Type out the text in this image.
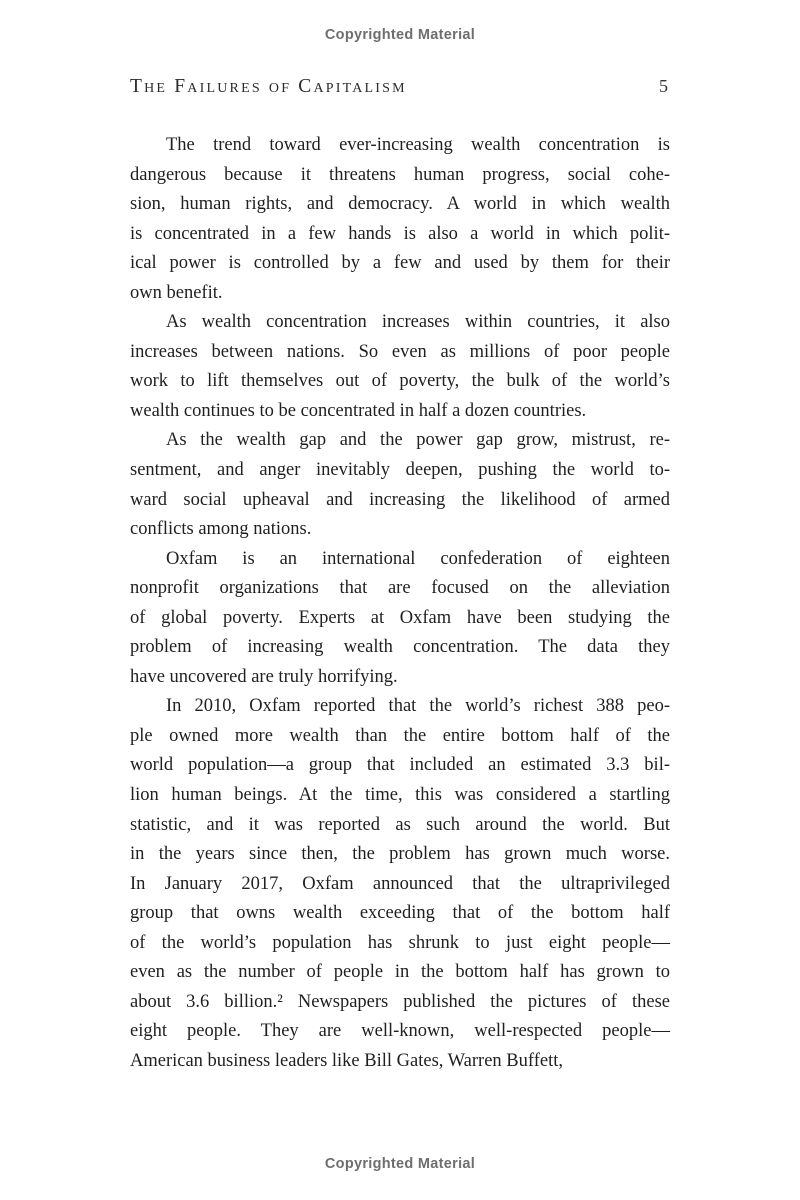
Copyrighted Material
The Failures of Capitalism	5

The trend toward ever-increasing wealth concentration is
dangerous because it threatens human progress, social cohe-
sion, human rights, and democracy. A world in which wealth
is concentrated in a few hands is also a world in which polit-
ical power is controlled by a few and used by them for their
own benefit.

As wealth concentration increases within countries, it also
increases between nations. So even as millions of poor people
work to lift themselves out of poverty, the bulk of the world’s
wealth continues to be concentrated in half a dozen countries.

As the wealth gap and the power gap grow, mistrust, re-
sentment, and anger inevitably deepen, pushing the world to-
ward social upheaval and increasing the likelihood of armed
conflicts among nations.

Oxfam is an international confederation of eighteen
nonprofit organizations that are focused on the alleviation
of global poverty. Experts at Oxfam have been studying the
problem of increasing wealth concentration. The data they
have uncovered are truly horrifying.

In 2010, Oxfam reported that the world’s richest 388 peo-
ple owned more wealth than the entire bottom half of the
world population—a group that included an estimated 3.3 bil-
lion human beings. At the time, this was considered a startling
statistic, and it was reported as such around the world. But
in the years since then, the problem has grown much worse.
In January 2017, Oxfam announced that the ultraprivileged
group that owns wealth exceeding that of the bottom half
of the world’s population has shrunk to just eight people—
even as the number of people in the bottom half has grown to
about 3.6 billion.² Newspapers published the pictures of these
eight people. They are well-known, well-respected people—
American business leaders like Bill Gates, Warren Buffett,

Copyrighted Material
